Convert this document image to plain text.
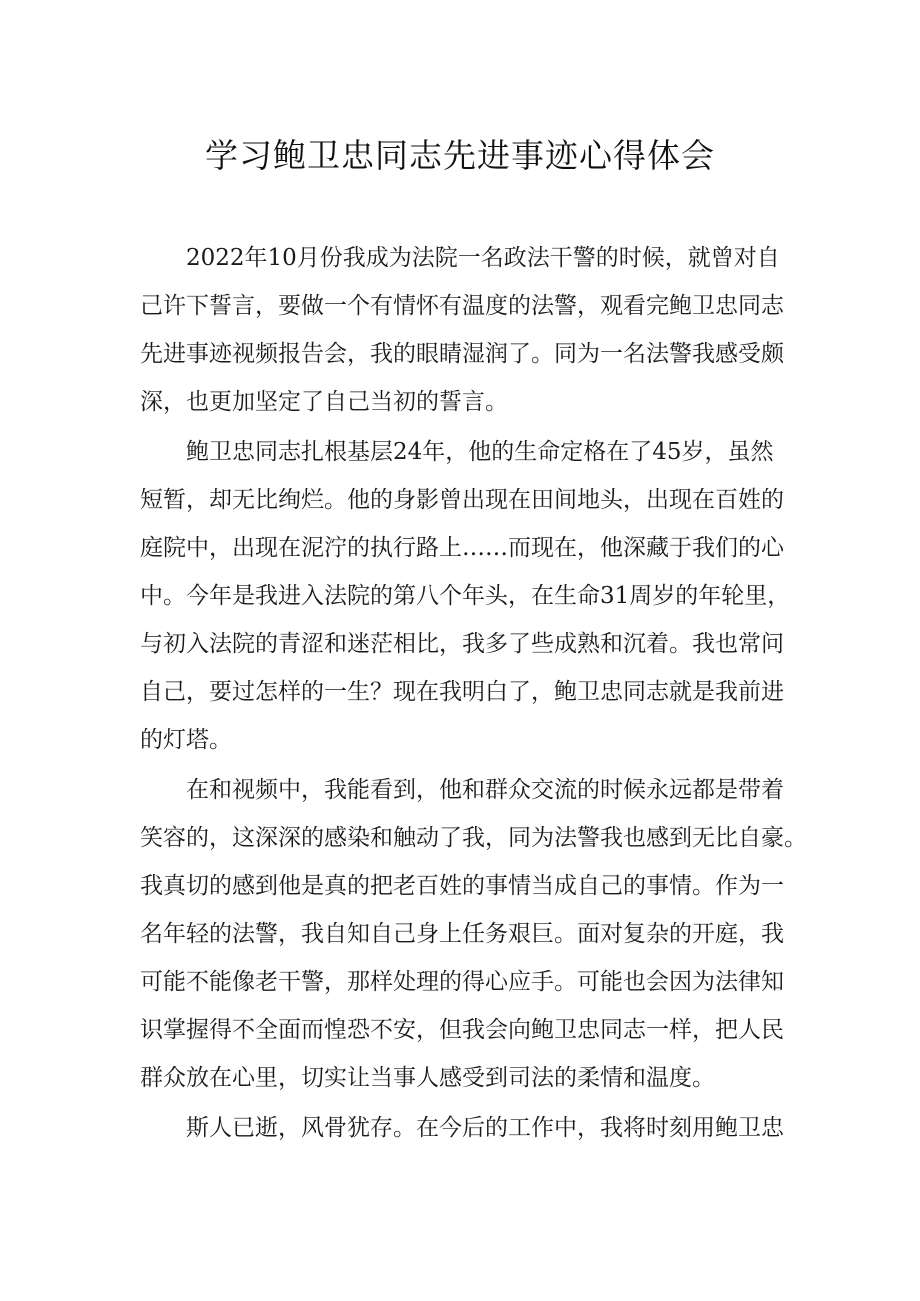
学习鲍卫忠同志先进事迹心得体会

2022年10月份我成为法院一名政法干警的时候，就曾对自
己许下誓言，要做一个有情怀有温度的法警，观看完鲍卫忠同志
先进事迹视频报告会，我的眼睛湿润了。同为一名法警我感受颇
深，也更加坚定了自己当初的誓言。

鲍卫忠同志扎根基层24年，他的生命定格在了45岁，虽然
短暂，却无比绚烂。他的身影曾出现在田间地头，出现在百姓的
庭院中，出现在泥泞的执行路上……而现在，他深藏于我们的心
中。今年是我进入法院的第八个年头，在生命31周岁的年轮里，
与初入法院的青涩和迷茫相比，我多了些成熟和沉着。我也常问
自己，要过怎样的一生？现在我明白了，鲍卫忠同志就是我前进
的灯塔。

在和视频中，我能看到，他和群众交流的时候永远都是带着
笑容的，这深深的感染和触动了我，同为法警我也感到无比自豪。
我真切的感到他是真的把老百姓的事情当成自己的事情。作为一
名年轻的法警，我自知自己身上任务艰巨。面对复杂的开庭，我
可能不能像老干警，那样处理的得心应手。可能也会因为法律知
识掌握得不全面而惶恐不安，但我会向鲍卫忠同志一样，把人民
群众放在心里，切实让当事人感受到司法的柔情和温度。

斯人已逝，风骨犹存。在今后的工作中，我将时刻用鲍卫忠
